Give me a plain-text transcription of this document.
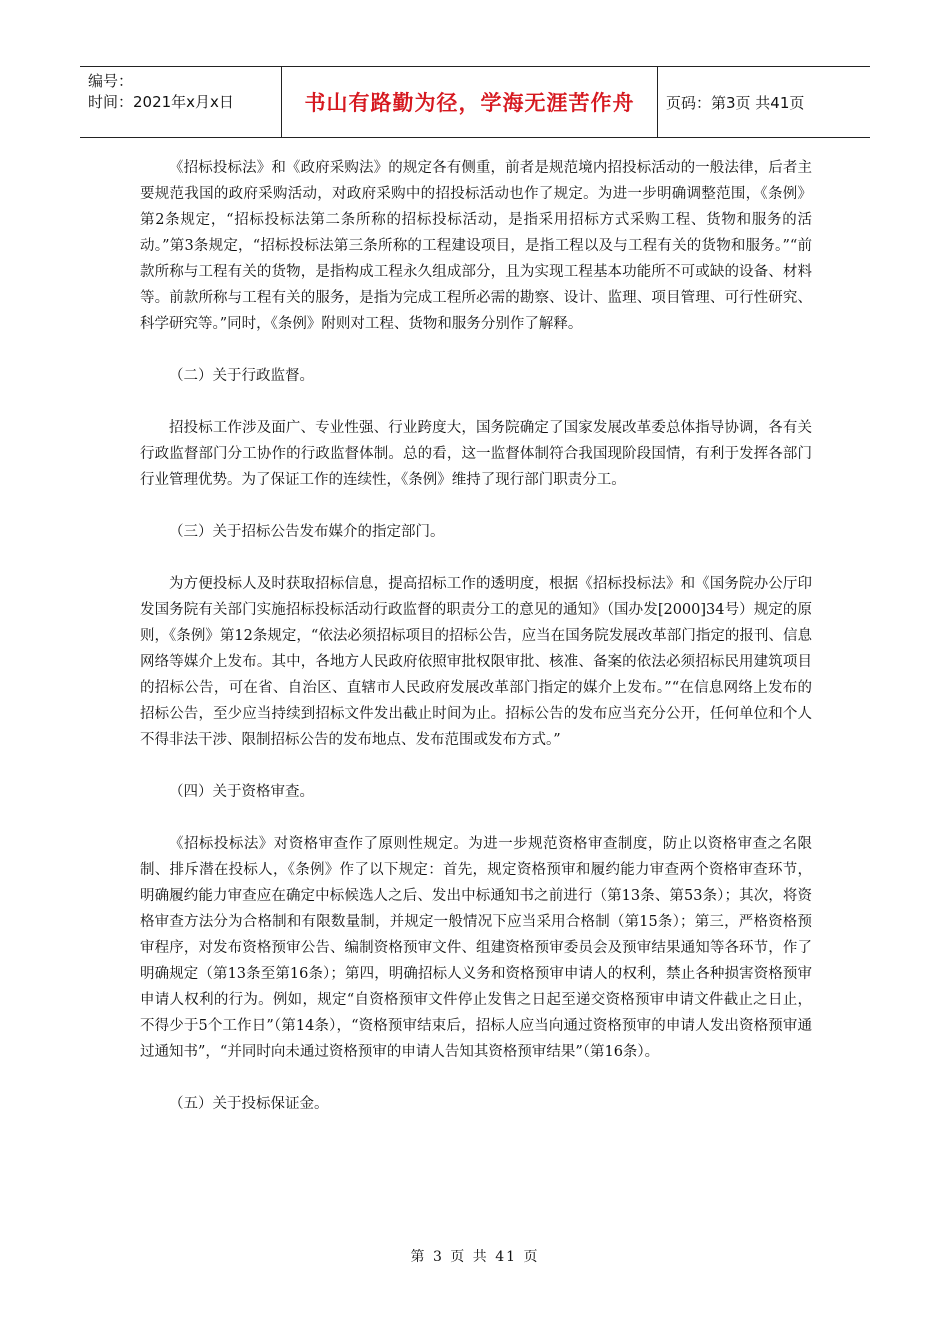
编号：
时间：2021年x月x日	书山有路勤为径，学海无涯苦作舟	页码：第3页 共41页

《招标投标法》和《政府采购法》的规定各有侧重，前者是规范境内招投标活动的一般法律，后者主要规范我国的政府采购活动，对政府采购中的招投标活动也作了规定。为进一步明确调整范围，《条例》第2条规定，“招标投标法第二条所称的招标投标活动，是指采用招标方式采购工程、货物和服务的活动。”第3条规定，“招标投标法第三条所称的工程建设项目，是指工程以及与工程有关的货物和服务。”“前款所称与工程有关的货物，是指构成工程永久组成部分，且为实现工程基本功能所不可或缺的设备、材料等。前款所称与工程有关的服务，是指为完成工程所必需的勘察、设计、监理、项目管理、可行性研究、科学研究等。”同时，《条例》附则对工程、货物和服务分别作了解释。

（二）关于行政监督。

招投标工作涉及面广、专业性强、行业跨度大，国务院确定了国家发展改革委总体指导协调，各有关行政监督部门分工协作的行政监督体制。总的看，这一监督体制符合我国现阶段国情，有利于发挥各部门行业管理优势。为了保证工作的连续性，《条例》维持了现行部门职责分工。

（三）关于招标公告发布媒介的指定部门。

为方便投标人及时获取招标信息，提高招标工作的透明度，根据《招标投标法》和《国务院办公厅印发国务院有关部门实施招标投标活动行政监督的职责分工的意见的通知》（国办发[2000]34号）规定的原则，《条例》第12条规定，“依法必须招标项目的招标公告，应当在国务院发展改革部门指定的报刊、信息网络等媒介上发布。其中，各地方人民政府依照审批权限审批、核准、备案的依法必须招标民用建筑项目的招标公告，可在省、自治区、直辖市人民政府发展改革部门指定的媒介上发布。”“在信息网络上发布的招标公告，至少应当持续到招标文件发出截止时间为止。招标公告的发布应当充分公开，任何单位和个人不得非法干涉、限制招标公告的发布地点、发布范围或发布方式。”

（四）关于资格审查。

《招标投标法》对资格审查作了原则性规定。为进一步规范资格审查制度，防止以资格审查之名限制、排斥潜在投标人，《条例》作了以下规定：首先，规定资格预审和履约能力审查两个资格审查环节，明确履约能力审查应在确定中标候选人之后、发出中标通知书之前进行（第13条、第53条）；其次，将资格审查方法分为合格制和有限数量制，并规定一般情况下应当采用合格制（第15条）；第三，严格资格预审程序，对发布资格预审公告、编制资格预审文件、组建资格预审委员会及预审结果通知等各环节，作了明确规定（第13条至第16条）；第四，明确招标人义务和资格预审申请人的权利，禁止各种损害资格预审申请人权利的行为。例如，规定“自资格预审文件停止发售之日起至递交资格预审申请文件截止之日止，不得少于5个工作日”（第14条），“资格预审结束后，招标人应当向通过资格预审的申请人发出资格预审通过通知书”，“并同时向未通过资格预审的申请人告知其资格预审结果”（第16条）。

（五）关于投标保证金。

第 3 页 共 41 页
